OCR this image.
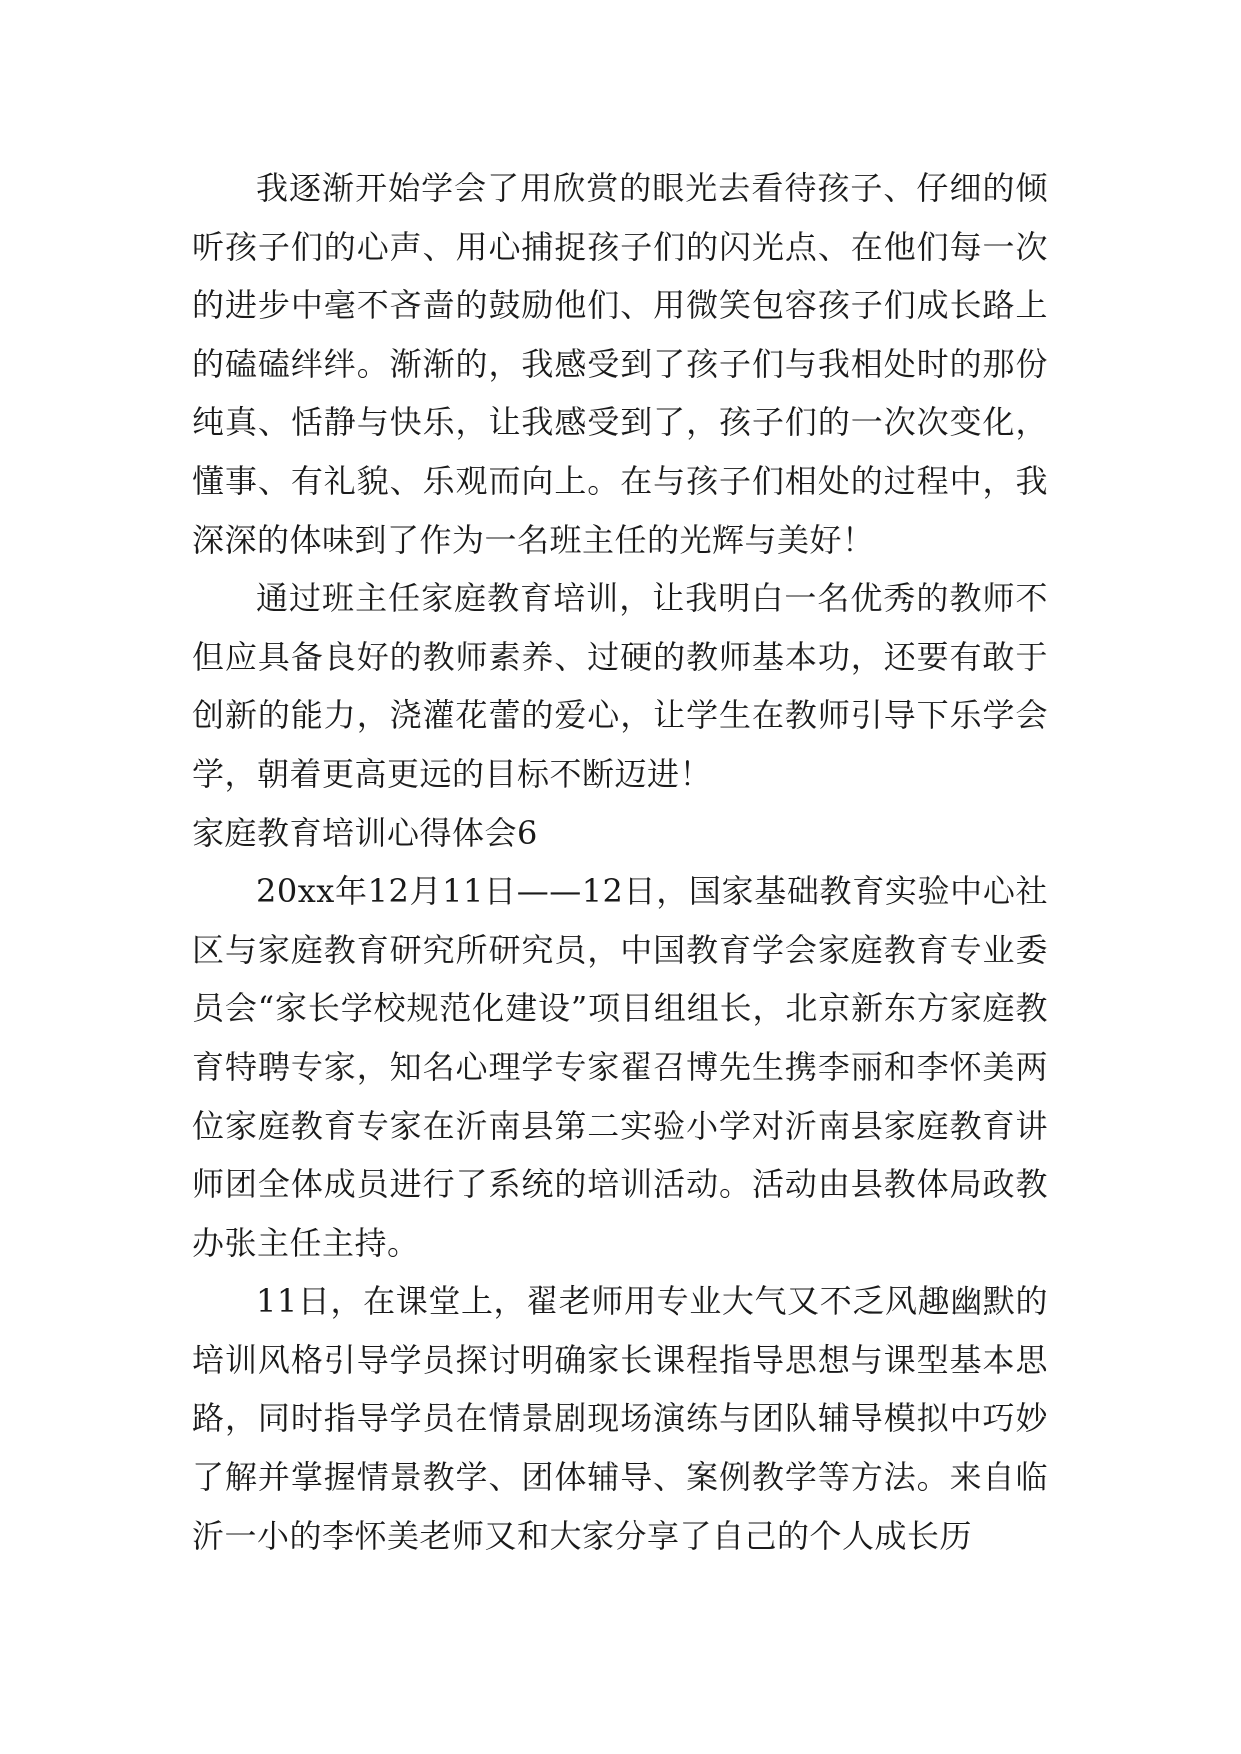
我逐渐开始学会了用欣赏的眼光去看待孩子、仔细的倾听孩子们的心声、用心捕捉孩子们的闪光点、在他们每一次的进步中毫不吝啬的鼓励他们、用微笑包容孩子们成长路上的磕磕绊绊。渐渐的，我感受到了孩子们与我相处时的那份纯真、恬静与快乐，让我感受到了，孩子们的一次次变化，懂事、有礼貌、乐观而向上。在与孩子们相处的过程中，我深深的体味到了作为一名班主任的光辉与美好！

通过班主任家庭教育培训，让我明白一名优秀的教师不但应具备良好的教师素养、过硬的教师基本功，还要有敢于创新的能力，浇灌花蕾的爱心，让学生在教师引导下乐学会学，朝着更高更远的目标不断迈进！

家庭教育培训心得体会6

20xx年12月11日——12日，国家基础教育实验中心社区与家庭教育研究所研究员，中国教育学会家庭教育专业委员会“家长学校规范化建设”项目组组长，北京新东方家庭教育特聘专家，知名心理学专家翟召博先生携李丽和李怀美两位家庭教育专家在沂南县第二实验小学对沂南县家庭教育讲师团全体成员进行了系统的培训活动。活动由县教体局政教办张主任主持。

11日，在课堂上，翟老师用专业大气又不乏风趣幽默的培训风格引导学员探讨明确家长课程指导思想与课型基本思路，同时指导学员在情景剧现场演练与团队辅导模拟中巧妙了解并掌握情景教学、团体辅导、案例教学等方法。来自临沂一小的李怀美老师又和大家分享了自己的个人成长历
